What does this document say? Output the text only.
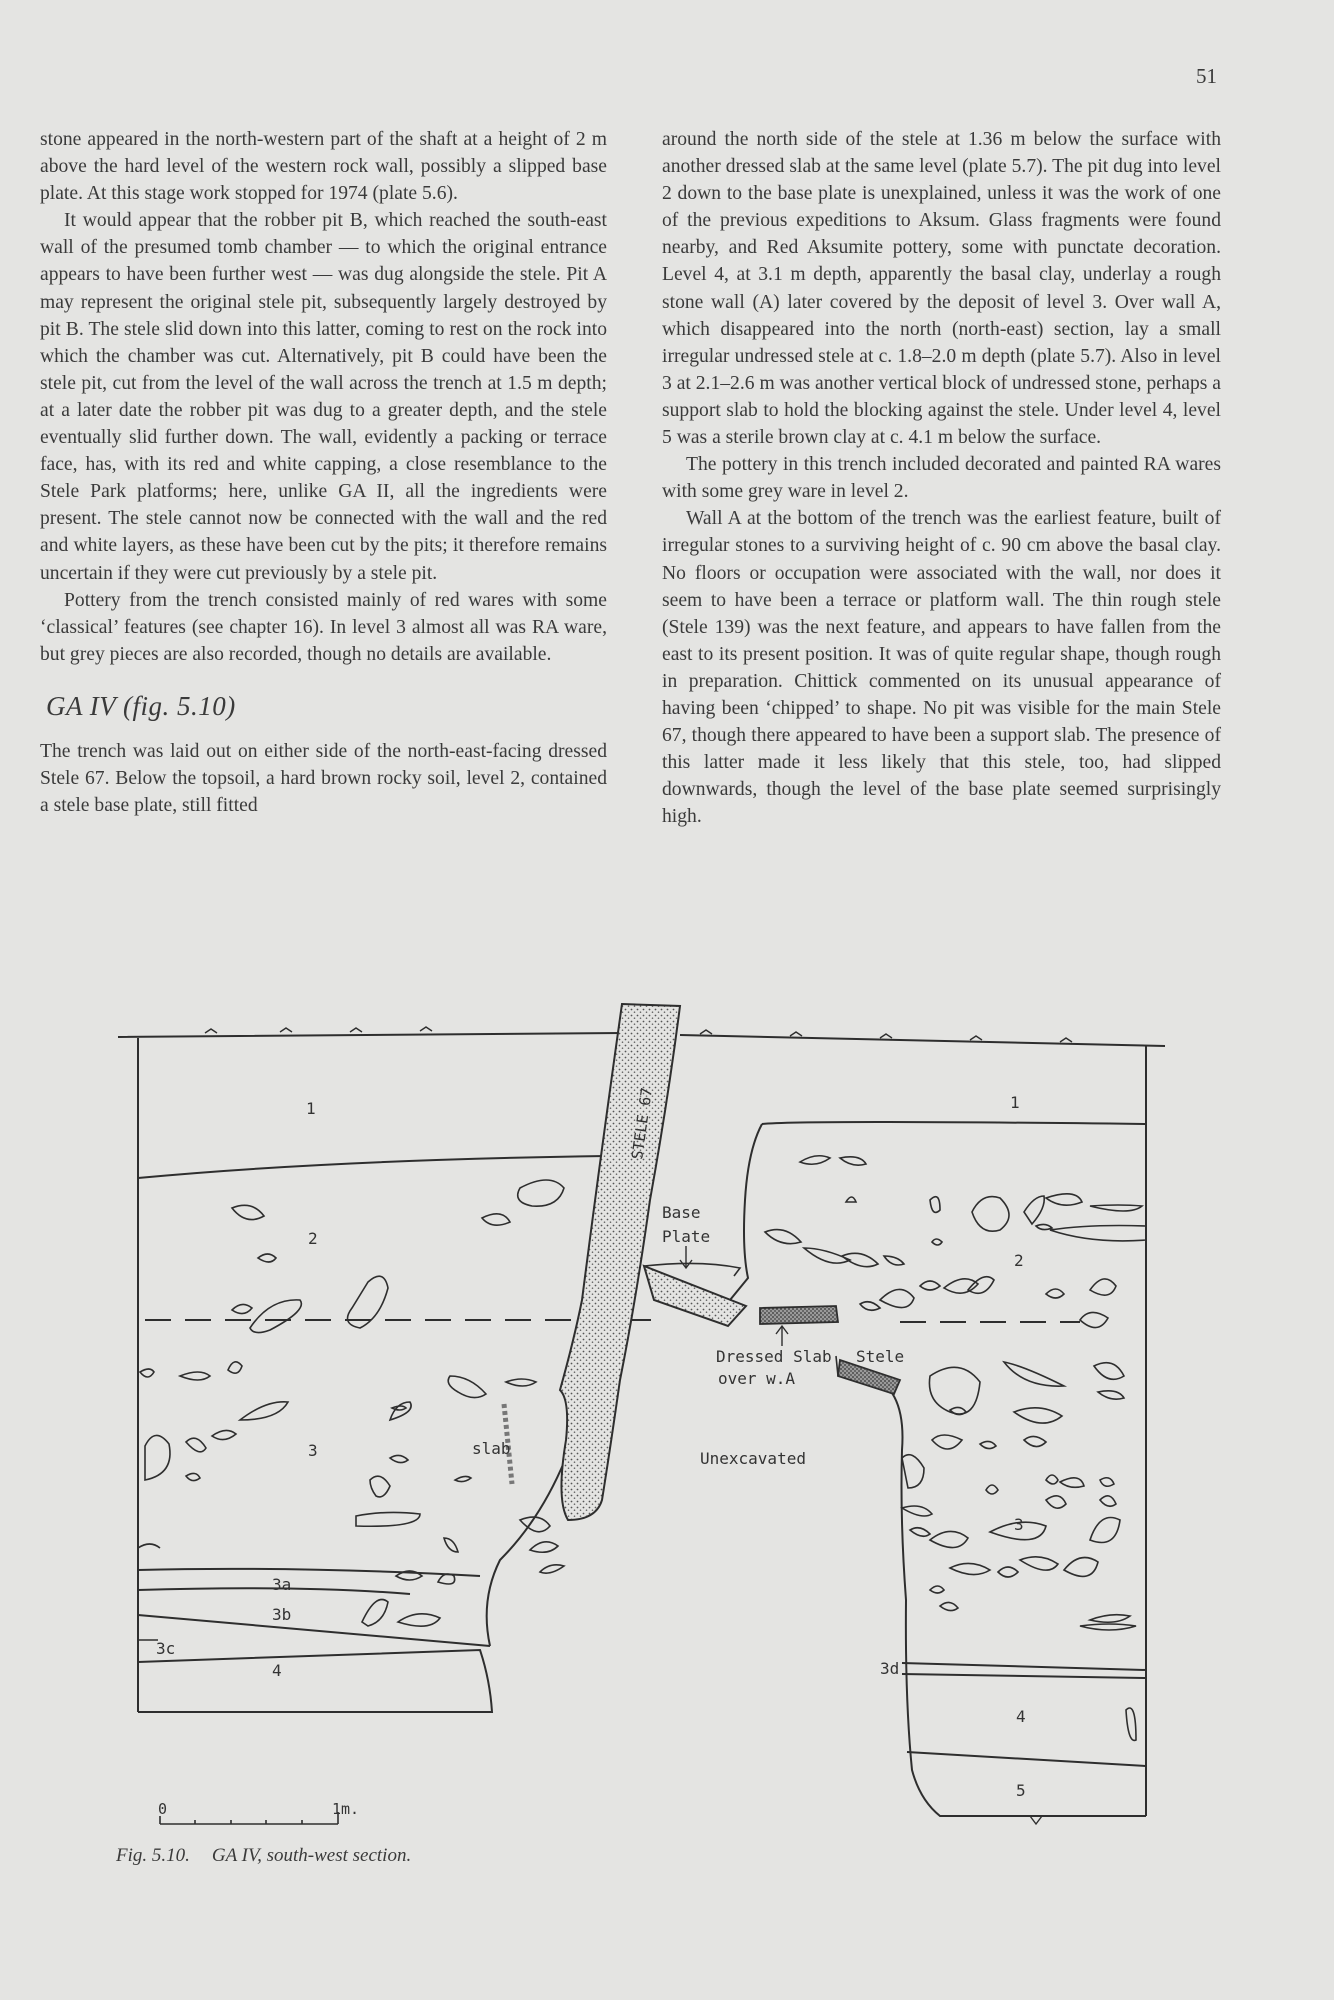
51

stone appeared in the north-western part of the shaft at a height of 2 m above the hard level of the western rock wall, possibly a slipped base plate. At this stage work stopped for 1974 (plate 5.6).

It would appear that the robber pit B, which reached the south-east wall of the presumed tomb chamber — to which the original entrance appears to have been further west — was dug alongside the stele. Pit A may represent the original stele pit, subsequently largely destroyed by pit B. The stele slid down into this latter, coming to rest on the rock into which the chamber was cut. Alternatively, pit B could have been the stele pit, cut from the level of the wall across the trench at 1.5 m depth; at a later date the robber pit was dug to a greater depth, and the stele eventually slid further down. The wall, evidently a packing or terrace face, has, with its red and white capping, a close resemblance to the Stele Park platforms; here, unlike GA II, all the ingredients were present. The stele cannot now be connected with the wall and the red and white layers, as these have been cut by the pits; it therefore remains uncertain if they were cut previously by a stele pit.

Pottery from the trench consisted mainly of red wares with some ‘classical’ features (see chapter 16). In level 3 almost all was RA ware, but grey pieces are also recorded, though no details are available.

GA IV (fig. 5.10)

The trench was laid out on either side of the north-east-facing dressed Stele 67. Below the topsoil, a hard brown rocky soil, level 2, contained a stele base plate, still fitted

around the north side of the stele at 1.36 m below the surface with another dressed slab at the same level (plate 5.7). The pit dug into level 2 down to the base plate is unexplained, unless it was the work of one of the previous expeditions to Aksum. Glass fragments were found nearby, and Red Aksumite pottery, some with punctate decoration. Level 4, at 3.1 m depth, apparently the basal clay, underlay a rough stone wall (A) later covered by the deposit of level 3. Over wall A, which disappeared into the north (north-east) section, lay a small irregular undressed stele at c. 1.8–2.0 m depth (plate 5.7). Also in level 3 at 2.1–2.6 m was another vertical block of undressed stone, perhaps a support slab to hold the blocking against the stele. Under level 4, level 5 was a sterile brown clay at c. 4.1 m below the surface.

The pottery in this trench included decorated and painted RA wares with some grey ware in level 2.

Wall A at the bottom of the trench was the earliest feature, built of irregular stones to a surviving height of c. 90 cm above the basal clay. No floors or occupation were associated with the wall, nor does it seem to have been a terrace or platform wall. The thin rough stele (Stele 139) was the next feature, and appears to have fallen from the east to its present position. It was of quite regular shape, though rough in preparation. Chittick commented on its unusual appearance of having been ‘chipped’ to shape. No pit was visible for the main Stele 67, though there appeared to have been a support slab. The presence of this latter made it less likely that this stele, too, had slipped downwards, though the level of the base plate seemed surprisingly high.

STELE 67
Base
Plate
Dressed Slab
over w.A
Stele
Unexcavated
slab
1
2
3
3a
3b
3c
4
1
2
3
3d
4
5
0	1m.
Fig. 5.10. GA IV, south-west section.
